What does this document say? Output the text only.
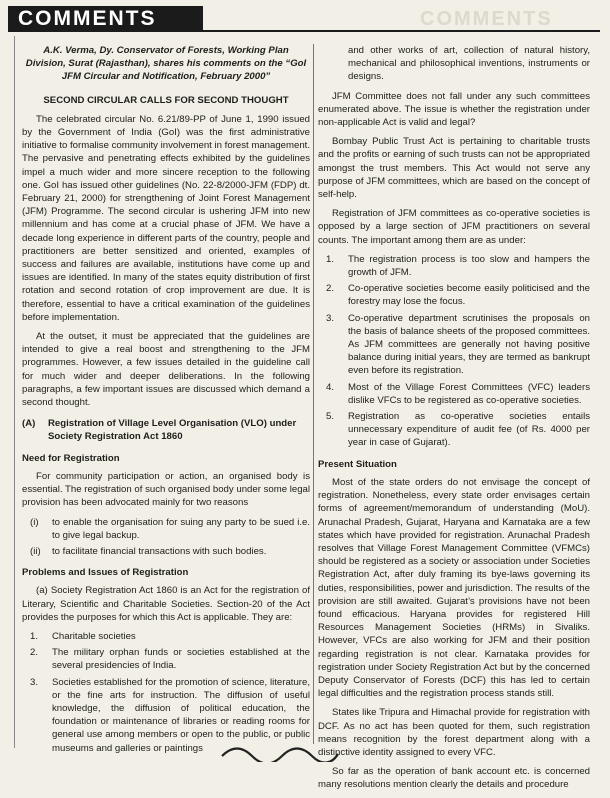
COMMENTS	COMMENTS

A.K. Verma, Dy. Conservator of Forests, Working Plan Division, Surat (Rajasthan), shares his comments on the “GoI JFM Circular and Notification, February 2000”

SECOND CIRCULAR CALLS FOR SECOND THOUGHT

The celebrated circular No. 6.21/89-PP of June 1, 1990 issued by the Government of India (GoI) was the first administrative initiative to formalise community involvement in forest management. The pervasive and penetrating effects exhibited by the guidelines impel a much wider and more sincere reception to the following one. GoI has issued other guidelines (No. 22-8/2000-JFM (FDP) dt. February 21, 2000) for strengthening of Joint Forest Management (JFM) Programme. The second circular is ushering JFM into new millennium and has come at a crucial phase of JFM. We have a decade long experience in different parts of the country, people and practitioners are better sensitized and oriented, examples of success and failures are available, institutions have come up and issues are identified. In many of the states equity distribution of first rotation and second rotation of crop improvement are due. It is therefore, essential to have a critical examination of the guidelines before implementation.

At the outset, it must be appreciated that the guidelines are intended to give a real boost and strengthening to the JFM programmes. However, a few issues detailed in the guideline call for much wider and deeper deliberations. In the following paragraphs, a few important issues are discussed which demand a second thought.

(A)	Registration of Village Level Organisation (VLO) under Society Registration Act 1860
Need for Registration

For community participation or action, an organised body is essential. The registration of such organised body under some legal provision has been advocated mainly for two reasons

(i)	to enable the organisation for suing any party to be sued i.e. to give legal backup.
(ii)	to facilitate financial transactions with such bodies.
Problems and Issues of Registration

(a) Society Registration Act 1860 is an Act for the registration of Literary, Scientific and Charitable Societies. Section-20 of the Act provides the purposes for which this Act is applicable. They are:

1.	Charitable societies
2.	The military orphan funds or societies established at the several presidencies of India.
3.	Societies established for the promotion of science, literature, or the fine arts for instruction. The diffusion of useful knowledge, the diffusion of political education, the foundation or maintenance of libraries or reading rooms for general use among members or open to the public, or public museums and galleries or paintings

and other works of art, collection of natural history, mechanical and philosophical inventions, instruments or designs.

JFM Committee does not fall under any such committees enumerated above. The issue is whether the registration under non-applicable Act is valid and legal?

Bombay Public Trust Act is pertaining to charitable trusts and the profits or earning of such trusts can not be appropriated amongst the trust members. This Act would not serve any purpose of JFM committees, which are based on the concept of self-help.

Registration of JFM committees as co-operative societies is opposed by a large section of JFM practitioners on several counts. The important among them are as under:

1.	The registration process is too slow and hampers the growth of JFM.
2.	Co-operative societies become easily politicised and the forestry may lose the focus.
3.	Co-operative department scrutinises the proposals on the basis of balance sheets of the proposed committees. As JFM committees are generally not having positive balance during initial years, they are termed as bankrupt even before its registration.
4.	Most of the Village Forest Committees (VFC) leaders dislike VFCs to be registered as co-operative societies.
5.	Registration as co-operative societies entails unnecessary expenditure of audit fee (of Rs. 4000 per year in case of Gujarat).
Present Situation

Most of the state orders do not envisage the concept of registration. Nonetheless, every state order envisages certain forms of agreement/memorandum of understanding (MoU). Arunachal Pradesh, Gujarat, Haryana and Karnataka are a few states which have provided for registration. Arunachal Pradesh resolves that Village Forest Management Committee (VFMCs) should be registered as a society or association under Societies Registration Act, after duly framing its bye-laws governing its duties, responsibilities, power and jurisdiction. The results of the provision are still awaited. Gujarat’s provisions have not been found efficacious. Haryana provides for registered Hill Resources Management Societies (HRMs) in Sivaliks. However, VFCs are also working for JFM and their position regarding registration is not clear. Karnataka provides for registration under Society Registration Act but by the concerned Deputy Conservator of Forests (DCF) this has led to certain legal difficulties and the registration process stands still.

States like Tripura and Himachal provide for registration with DCF. As no act has been quoted for them, such registration means recognition by the forest department along with a distinctive identity assigned to every VFC.

So far as the operation of bank account etc. is concerned many resolutions mention clearly the details and procedure
